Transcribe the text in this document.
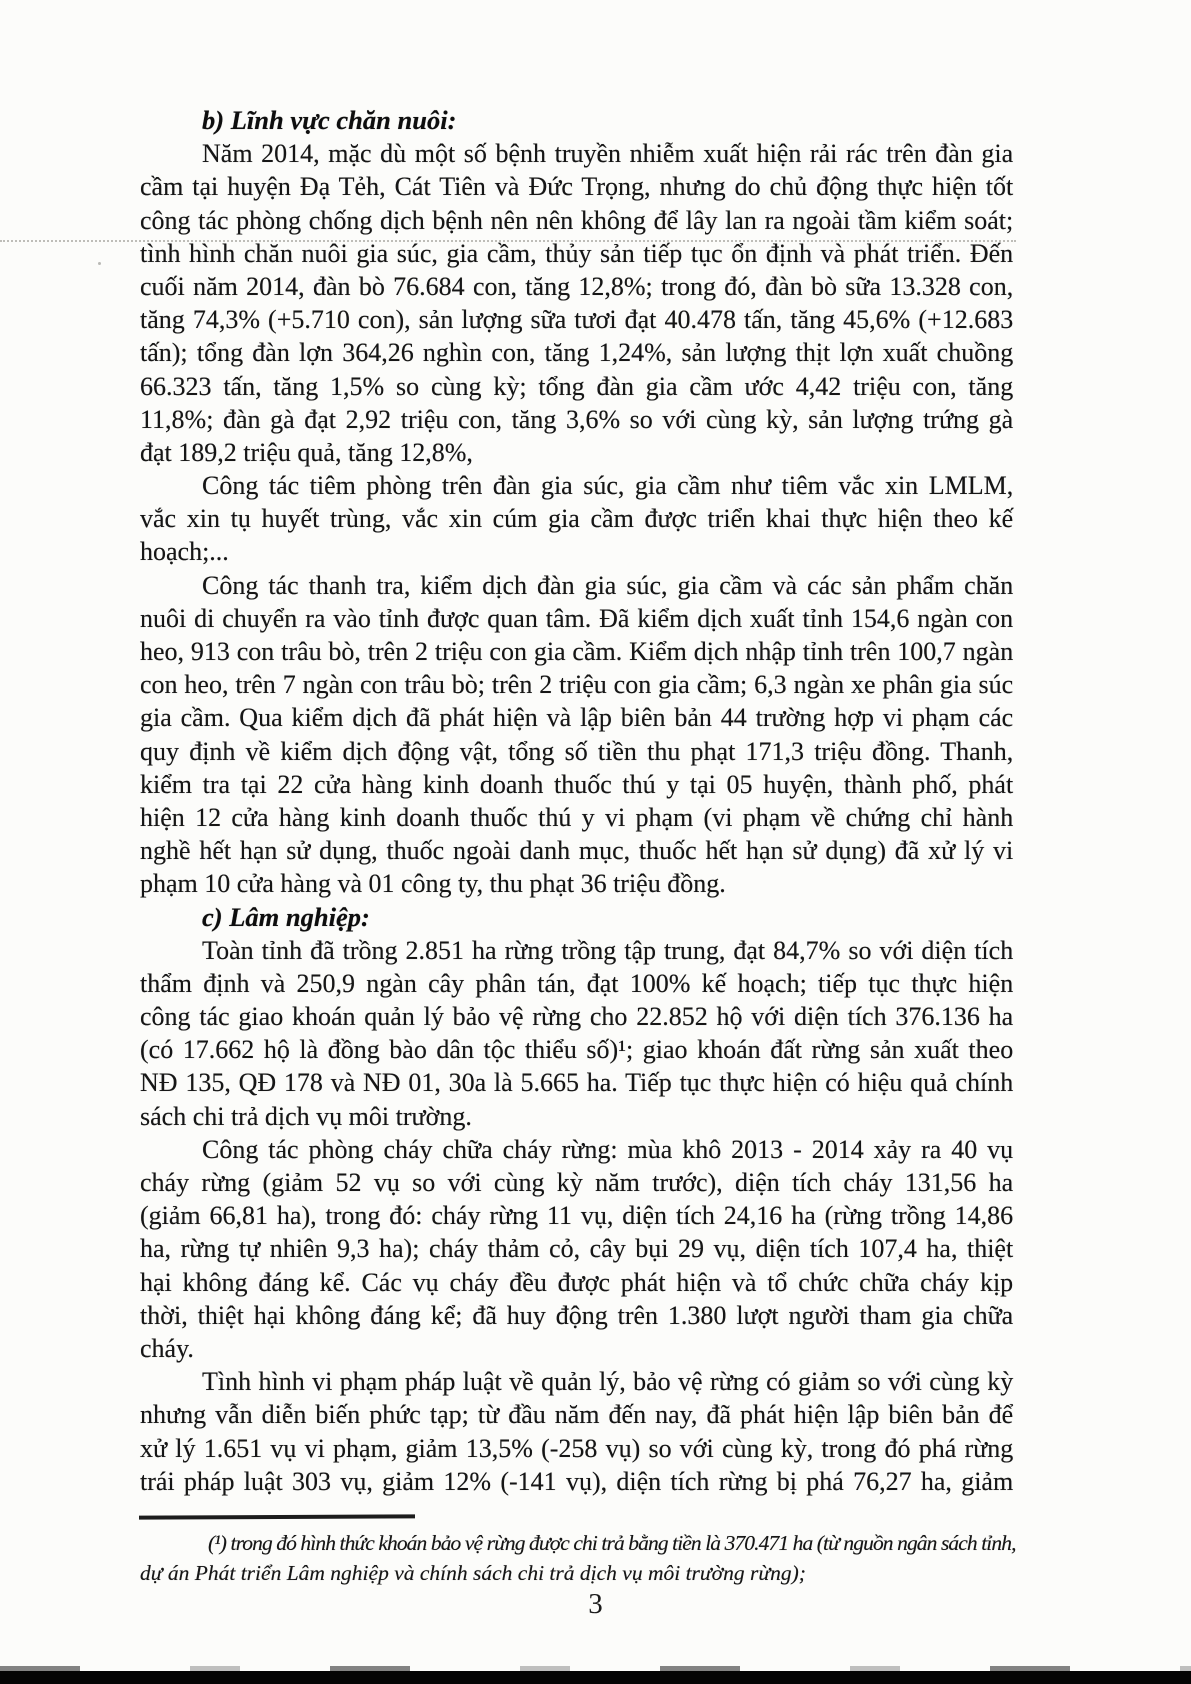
b) Lĩnh vực chăn nuôi:
Năm 2014, mặc dù một số bệnh truyền nhiễm xuất hiện rải rác trên đàn gia
cầm tại huyện Đạ Tẻh, Cát Tiên và Đức Trọng, nhưng do chủ động thực hiện tốt
công tác phòng chống dịch bệnh nên nên không để lây lan ra ngoài tầm kiểm soát;
tình hình chăn nuôi gia súc, gia cầm, thủy sản tiếp tục ổn định và phát triển. Đến
cuối năm 2014, đàn bò 76.684 con, tăng 12,8%; trong đó, đàn bò sữa 13.328 con,
tăng 74,3% (+5.710 con), sản lượng sữa tươi đạt 40.478 tấn, tăng 45,6% (+12.683
tấn); tổng đàn lợn 364,26 nghìn con, tăng 1,24%, sản lượng thịt lợn xuất chuồng
66.323 tấn, tăng 1,5% so cùng kỳ; tổng đàn gia cầm ước 4,42 triệu con, tăng
11,8%; đàn gà đạt 2,92 triệu con, tăng 3,6% so với cùng kỳ, sản lượng trứng gà
đạt 189,2 triệu quả, tăng 12,8%,
Công tác tiêm phòng trên đàn gia súc, gia cầm như tiêm vắc xin LMLM,
vắc xin tụ huyết trùng, vắc xin cúm gia cầm được triển khai thực hiện theo kế
hoạch;...
Công tác thanh tra, kiểm dịch đàn gia súc, gia cầm và các sản phẩm chăn
nuôi di chuyển ra vào tỉnh được quan tâm. Đã kiểm dịch xuất tỉnh 154,6 ngàn con
heo, 913 con trâu bò, trên 2 triệu con gia cầm. Kiểm dịch nhập tỉnh trên 100,7 ngàn
con heo, trên 7 ngàn con trâu bò; trên 2 triệu con gia cầm; 6,3 ngàn xe phân gia súc
gia cầm. Qua kiểm dịch đã phát hiện và lập biên bản 44 trường hợp vi phạm các
quy định về kiểm dịch động vật, tổng số tiền thu phạt 171,3 triệu đồng. Thanh,
kiểm tra tại 22 cửa hàng kinh doanh thuốc thú y tại 05 huyện, thành phố, phát
hiện 12 cửa hàng kinh doanh thuốc thú y vi phạm (vi phạm về chứng chỉ hành
nghề hết hạn sử dụng, thuốc ngoài danh mục, thuốc hết hạn sử dụng) đã xử lý vi
phạm 10 cửa hàng và 01 công ty, thu phạt 36 triệu đồng.
c) Lâm nghiệp:
Toàn tỉnh đã trồng 2.851 ha rừng trồng tập trung, đạt 84,7% so với diện tích
thẩm định và 250,9 ngàn cây phân tán, đạt 100% kế hoạch; tiếp tục thực hiện
công tác giao khoán quản lý bảo vệ rừng cho 22.852 hộ với diện tích 376.136 ha
(có 17.662 hộ là đồng bào dân tộc thiểu số)¹; giao khoán đất rừng sản xuất theo
NĐ 135, QĐ 178 và NĐ 01, 30a là 5.665 ha. Tiếp tục thực hiện có hiệu quả chính
sách chi trả dịch vụ môi trường.
Công tác phòng cháy chữa cháy rừng: mùa khô 2013 - 2014 xảy ra 40 vụ
cháy rừng (giảm 52 vụ so với cùng kỳ năm trước), diện tích cháy 131,56 ha
(giảm 66,81 ha), trong đó: cháy rừng 11 vụ, diện tích 24,16 ha (rừng trồng 14,86
ha, rừng tự nhiên 9,3 ha); cháy thảm cỏ, cây bụi 29 vụ, diện tích 107,4 ha, thiệt
hại không đáng kể. Các vụ cháy đều được phát hiện và tổ chức chữa cháy kịp
thời, thiệt hại không đáng kể; đã huy động trên 1.380 lượt người tham gia chữa
cháy.
Tình hình vi phạm pháp luật về quản lý, bảo vệ rừng có giảm so với cùng kỳ
nhưng vẫn diễn biến phức tạp; từ đầu năm đến nay, đã phát hiện lập biên bản để
xử lý 1.651 vụ vi phạm, giảm 13,5% (-258 vụ) so với cùng kỳ, trong đó phá rừng
trái pháp luật 303 vụ, giảm 12% (-141 vụ), diện tích rừng bị phá 76,27 ha, giảm
(¹) trong đó hình thức khoán bảo vệ rừng được chi trả bằng tiền là 370.471 ha (từ nguồn ngân sách tỉnh,
dự án Phát triển Lâm nghiệp và chính sách chi trả dịch vụ môi trường rừng);
3
